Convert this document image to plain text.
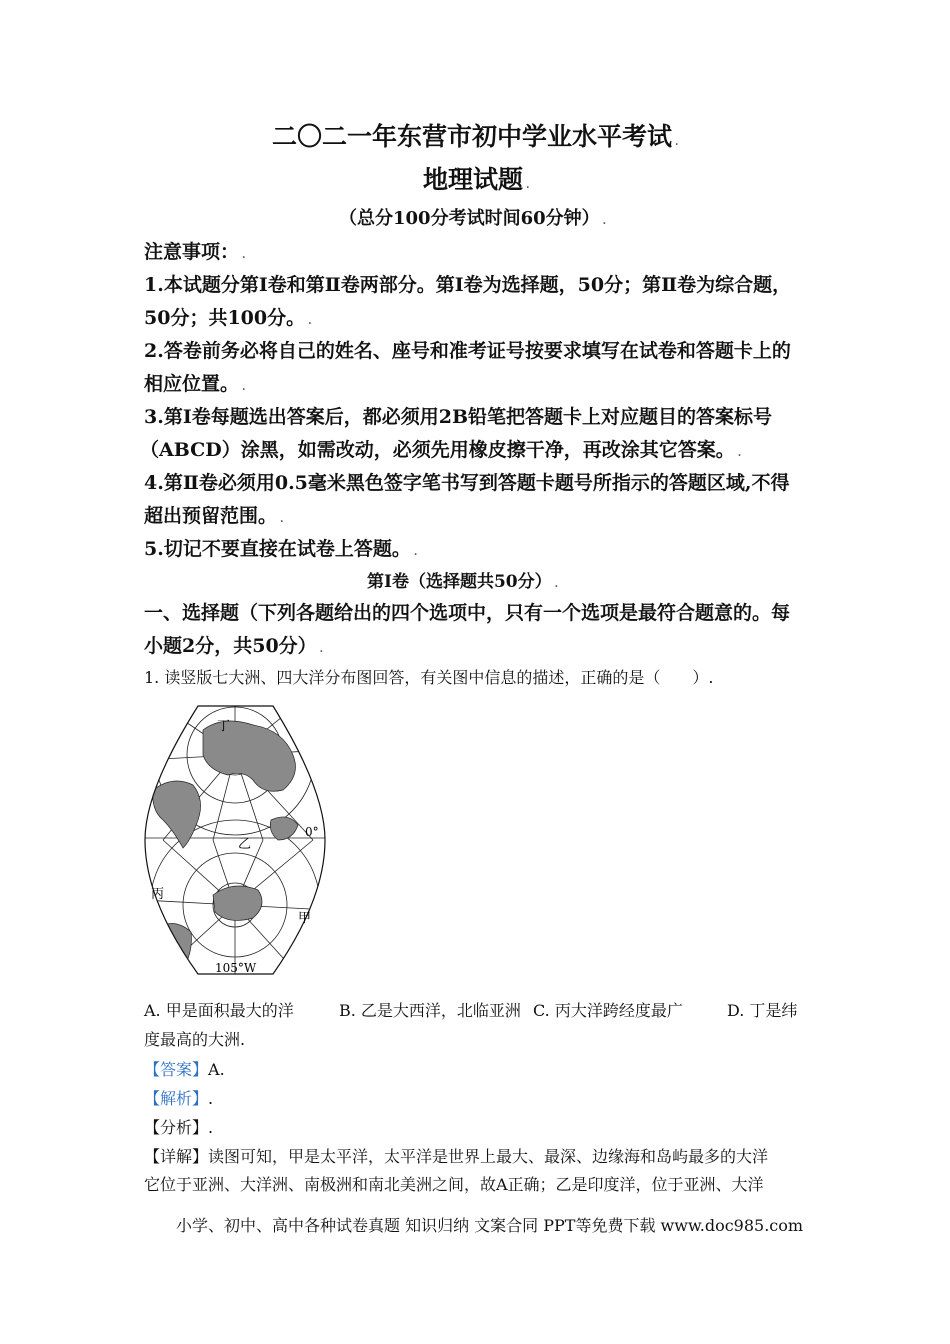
二〇二一年东营市初中学业水平考试 .
地理试题 .
（总分100分考试时间60分钟） .
注意事项： .
1.本试题分第Ⅰ卷和第Ⅱ卷两部分。第Ⅰ卷为选择题，50分；第Ⅱ卷为综合题，
50分；共100分。 .
2.答卷前务必将自己的姓名、座号和准考证号按要求填写在试卷和答题卡上的
相应位置。 .
3.第Ⅰ卷每题选出答案后，都必须用2B铅笔把答题卡上对应题目的答案标号
（ABCD）涂黑，如需改动，必须先用橡皮擦干净，再改涂其它答案。 .
4.第Ⅱ卷必须用0.5毫米黑色签字笔书写到答题卡题号所指示的答题区域,不得
超出预留范围。 .
5.切记不要直接在试卷上答题。 .
第Ⅰ卷（选择题共50分） .
一、选择题（下列各题给出的四个选项中，只有一个选项是最符合题意的。每
小题2分，共50分） .
1. 读竖版七大洲、四大洋分布图回答，有关图中信息的描述，正确的是（　　）.
丁
乙
丙
甲
0°
105°W
A. 甲是面积最大的洋	B. 乙是大西洋，北临亚洲 C. 丙大洋跨经度最广	D. 丁是纬
度最高的大洲.
【答案】A.
【解析】.
【分析】.
【详解】读图可知，甲是太平洋，太平洋是世界上最大、最深、边缘海和岛屿最多的大洋
它位于亚洲、大洋洲、南极洲和南北美洲之间，故A正确；乙是印度洋，位于亚洲、大洋
小学、初中、高中各种试卷真题 知识归纳 文案合同 PPT等免费下载 www.doc985.com
